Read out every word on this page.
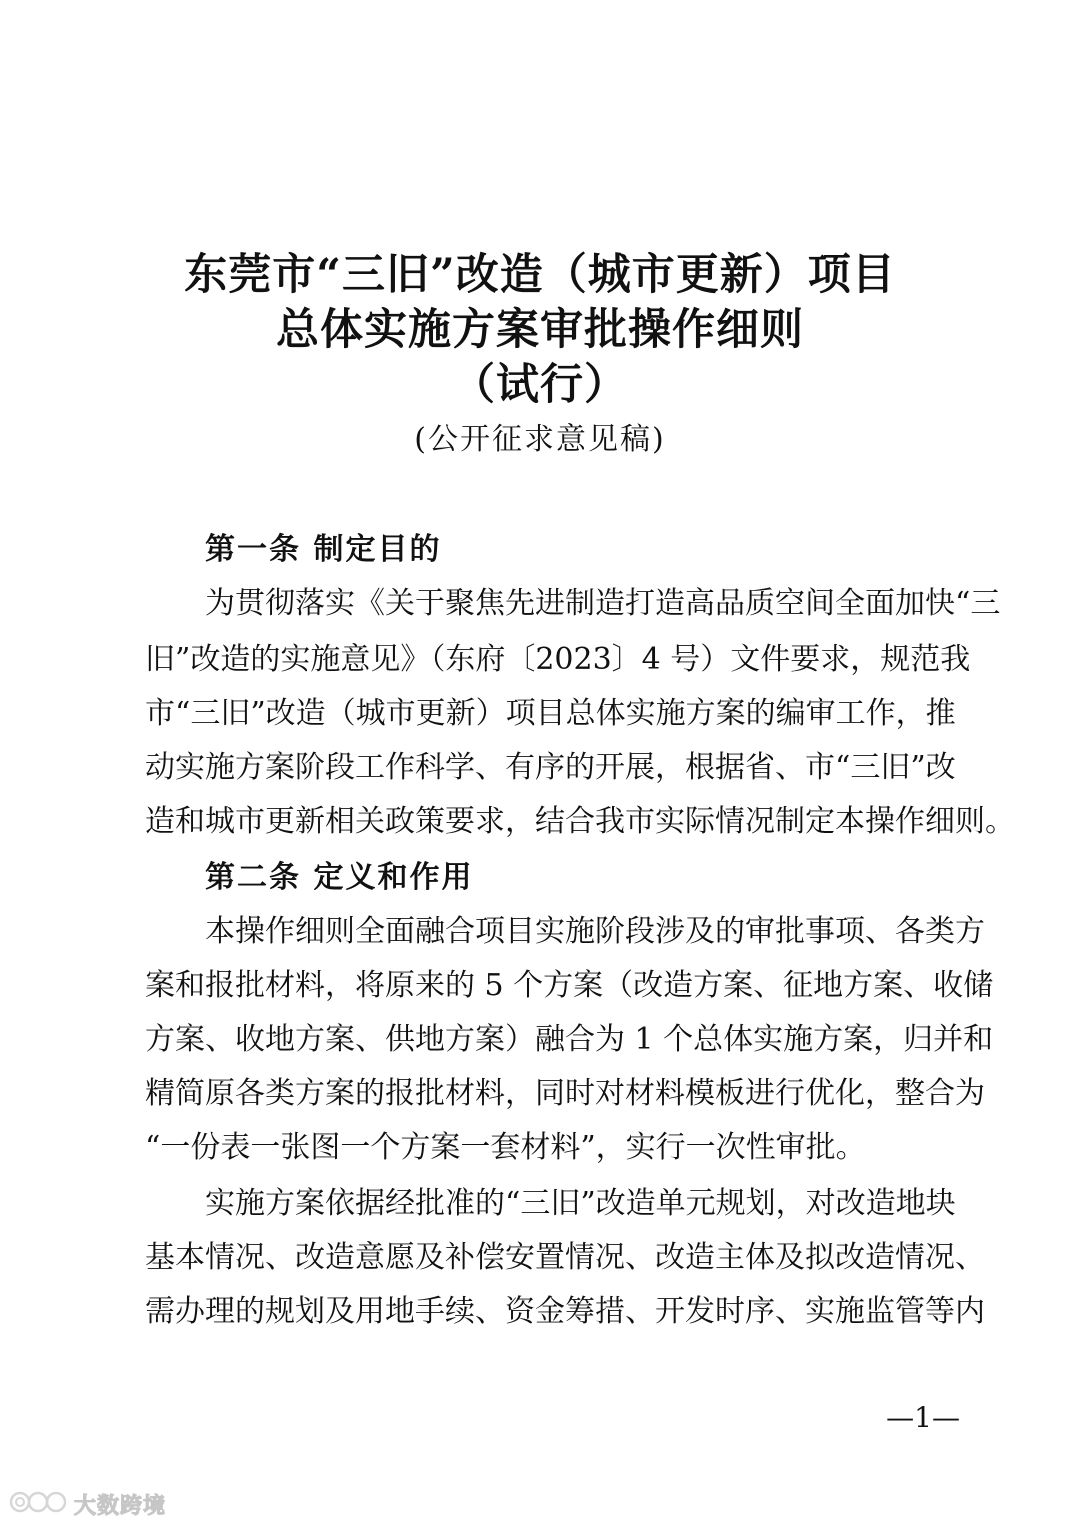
东莞市“三旧”改造（城市更新）项目
总体实施方案审批操作细则
（试行）
(公开征求意见稿)
第一条 制定目的
为贯彻落实《关于聚焦先进制造打造高品质空间全面加快“三
旧”改造的实施意见》（东府〔2023〕4 号）文件要求，规范我
市“三旧”改造（城市更新）项目总体实施方案的编审工作，推
动实施方案阶段工作科学、有序的开展，根据省、市“三旧”改
造和城市更新相关政策要求，结合我市实际情况制定本操作细则。
第二条 定义和作用
本操作细则全面融合项目实施阶段涉及的审批事项、各类方
案和报批材料，将原来的 5 个方案（改造方案、征地方案、收储
方案、收地方案、供地方案）融合为 1 个总体实施方案，归并和
精简原各类方案的报批材料，同时对材料模板进行优化，整合为
“一份表一张图一个方案一套材料”，实行一次性审批。
实施方案依据经批准的“三旧”改造单元规划，对改造地块
基本情况、改造意愿及补偿安置情况、改造主体及拟改造情况、
需办理的规划及用地手续、资金筹措、开发时序、实施监管等内
—1—
大数跨境
